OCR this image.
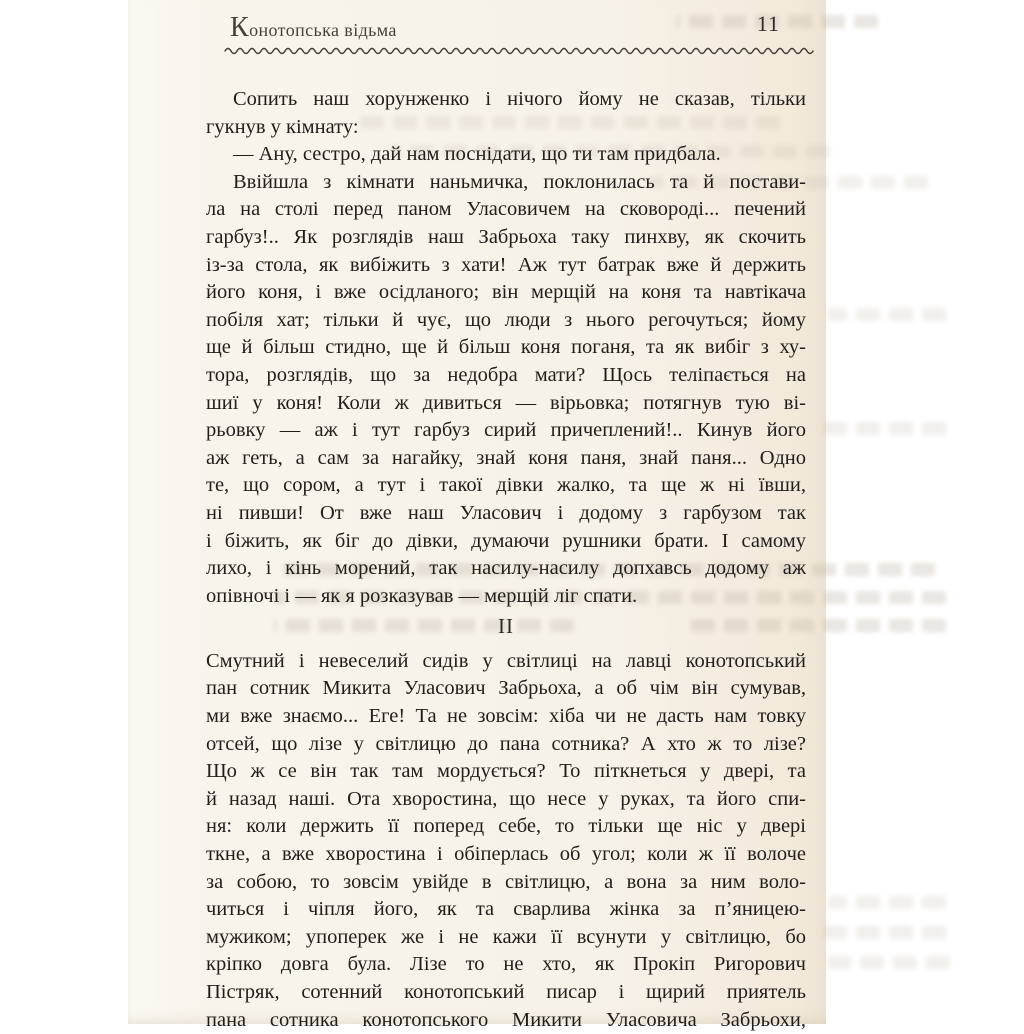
Конотопська відьма	11
Сопить наш хорунженко і нічого йому не сказав, тільки
гукнув у кімнату:
— Ану, сестро, дай нам поснідати, що ти там придбала.
Ввійшла з кімнати наньмичка, поклонилась та й постави-
ла на столі перед паном Уласовичем на сковороді... печений
гарбуз!.. Як розглядів наш Забрьоха таку пинхву, як скочить
із-за стола, як вибіжить з хати! Аж тут батрак вже й держить
його коня, і вже осідланого; він мерщій на коня та навтікача
побіля хат; тільки й чує, що люди з нього регочуться; йому
ще й більш стидно, ще й більш коня поганя, та як вибіг з ху-
тора, розглядів, що за недобра мати? Щось теліпається на
шиї у коня! Коли ж дивиться — вірьовка; потягнув тую ві-
рьовку — аж і тут гарбуз сирий причеплений!.. Кинув його
аж геть, а сам за нагайку, знай коня паня, знай паня... Одно
те, що сором, а тут і такої дівки жалко, та ще ж ні ївши,
ні пивши! От вже наш Уласович і додому з гарбузом так
і біжить, як біг до дівки, думаючи рушники брати. І самому
лихо, і кінь морений, так насилу-насилу допхавсь додому аж
опівночі і — як я розказував — мерщій ліг спати.
II
Смутний і невеселий сидів у світлиці на лавці конотопський
пан сотник Микита Уласович Забрьоха, а об чім він сумував,
ми вже знаємо... Еге! Та не зовсім: хіба чи не дасть нам товку
отсей, що лізе у світлицю до пана сотника? А хто ж то лізе?
Що ж се він так там мордується? То піткнеться у двері, та
й назад наші. Ота хворостина, що несе у руках, та його спи-
ня: коли держить її поперед себе, то тільки ще ніс у двері
ткне, а вже хворостина і обіперлась об угол; коли ж її волоче
за собою, то зовсім увійде в світлицю, а вона за ним воло-
читься і чіпля його, як та сварлива жінка за п’яницею-
мужиком; упоперек же і не кажи її всунути у світлицю, бо
кріпко довга була. Лізе то не хто, як Прокіп Ригорович
Пістряк, сотенний конотопський писар і щирий приятель
пана сотника конотопського Микити Уласовича Забрьохи,
